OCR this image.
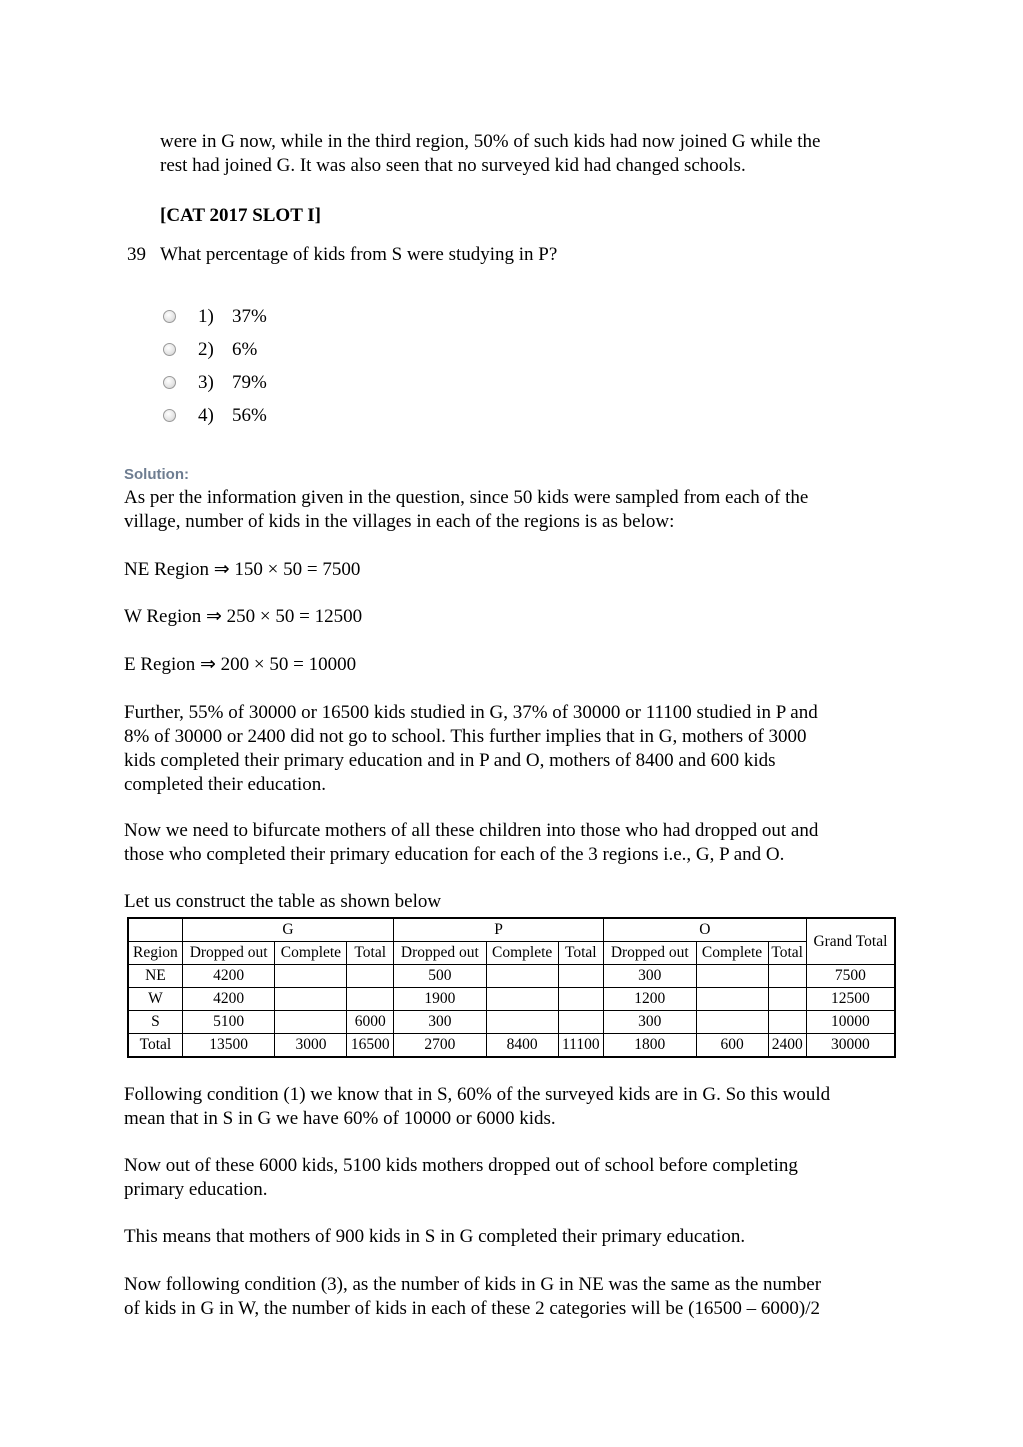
were in G now, while in the third region, 50% of such kids had now joined G while the
rest had joined G. It was also seen that no surveyed kid had changed schools.
[CAT 2017 SLOT I]
39 What percentage of kids from S were studying in P?
1) 37%
2) 6%
3) 79%
4) 56%
Solution:
As per the information given in the question, since 50 kids were sampled from each of the
village, number of kids in the villages in each of the regions is as below:
NE Region ⇒ 150 × 50 = 7500
W Region ⇒ 250 × 50 = 12500
E Region ⇒ 200 × 50 = 10000
Further, 55% of 30000 or 16500 kids studied in G, 37% of 30000 or 11100 studied in P and
8% of 30000 or 2400 did not go to school. This further implies that in G, mothers of 3000
kids completed their primary education and in P and O, mothers of 8400 and 600 kids
completed their education.
Now we need to bifurcate mothers of all these children into those who had dropped out and
those who completed their primary education for each of the 3 regions i.e., G, P and O.
Let us construct the table as shown below
	G			P			O			Grand Total
Region	Dropped out	Complete	Total	Dropped out	Complete	Total	Dropped out	Complete	Total	
NE	4200			500			300			7500
W	4200			1900			1200			12500
S	5100		6000	300			300			10000
Total	13500	3000	16500	2700	8400	11100	1800	600	2400	30000
Following condition (1) we know that in S, 60% of the surveyed kids are in G. So this would
mean that in S in G we have 60% of 10000 or 6000 kids.
Now out of these 6000 kids, 5100 kids mothers dropped out of school before completing
primary education.
This means that mothers of 900 kids in S in G completed their primary education.
Now following condition (3), as the number of kids in G in NE was the same as the number
of kids in G in W, the number of kids in each of these 2 categories will be (16500 – 6000)/2
